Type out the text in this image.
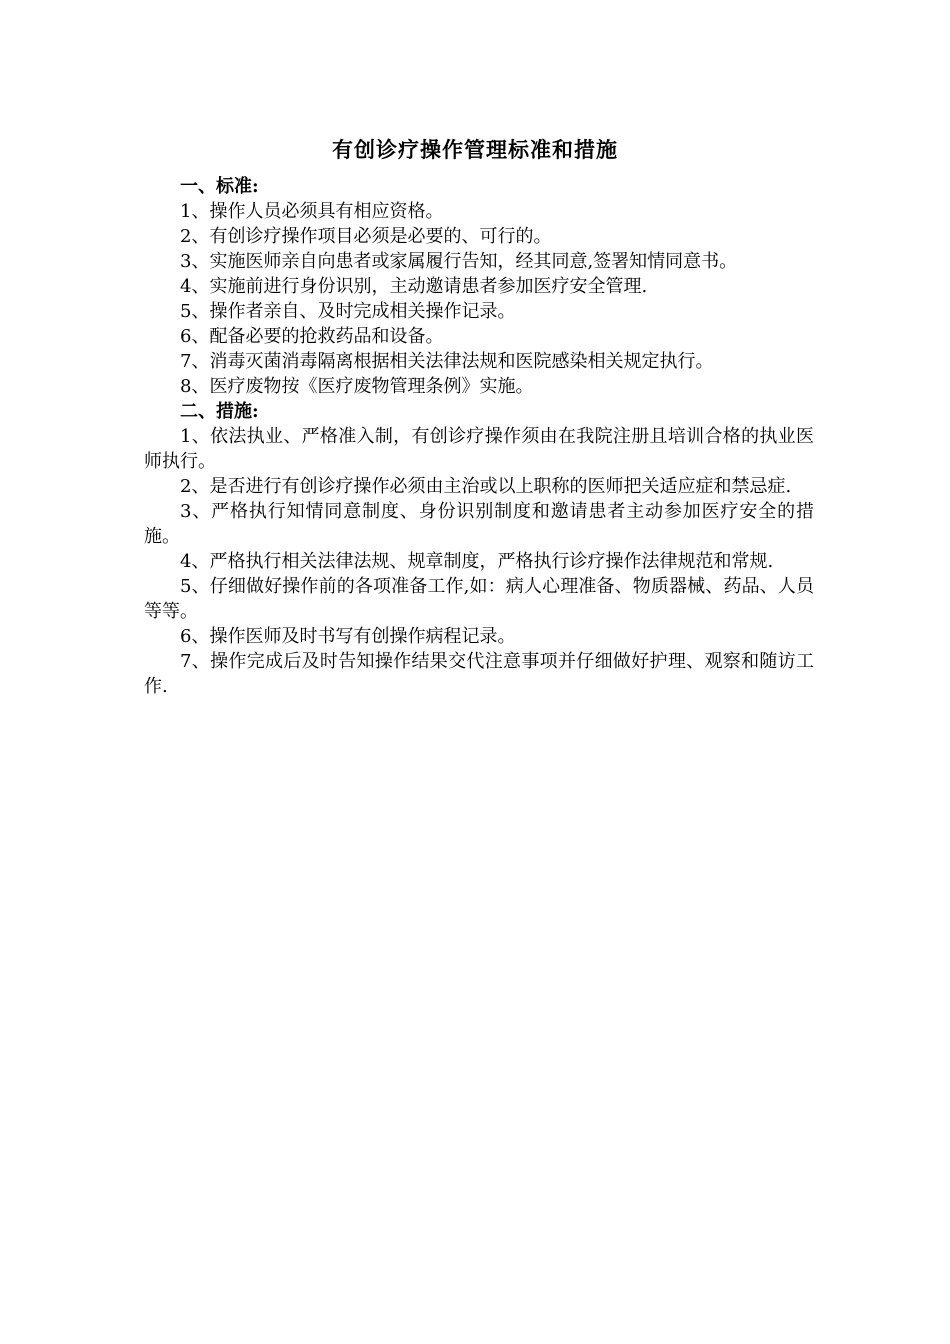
有创诊疗操作管理标准和措施

一、标准:

1、操作人员必须具有相应资格。

2、有创诊疗操作项目必须是必要的、可行的。

3、实施医师亲自向患者或家属履行告知，经其同意,签署知情同意书。

4、实施前进行身份识别，主动邀请患者参加医疗安全管理.

5、操作者亲自、及时完成相关操作记录。

6、配备必要的抢救药品和设备。

7、消毒灭菌消毒隔离根据相关法律法规和医院感染相关规定执行。

8、医疗废物按《医疗废物管理条例》实施。

二、措施:

1、依法执业、严格准入制，有创诊疗操作须由在我院注册且培训合格的执业医师执行。

2、是否进行有创诊疗操作必须由主治或以上职称的医师把关适应症和禁忌症.

3、严格执行知情同意制度、身份识别制度和邀请患者主动参加医疗安全的措施。

4、严格执行相关法律法规、规章制度，严格执行诊疗操作法律规范和常规.

5、仔细做好操作前的各项准备工作,如：病人心理准备、物质器械、药品、人员等等。

6、操作医师及时书写有创操作病程记录。

7、操作完成后及时告知操作结果交代注意事项并仔细做好护理、观察和随访工作.
